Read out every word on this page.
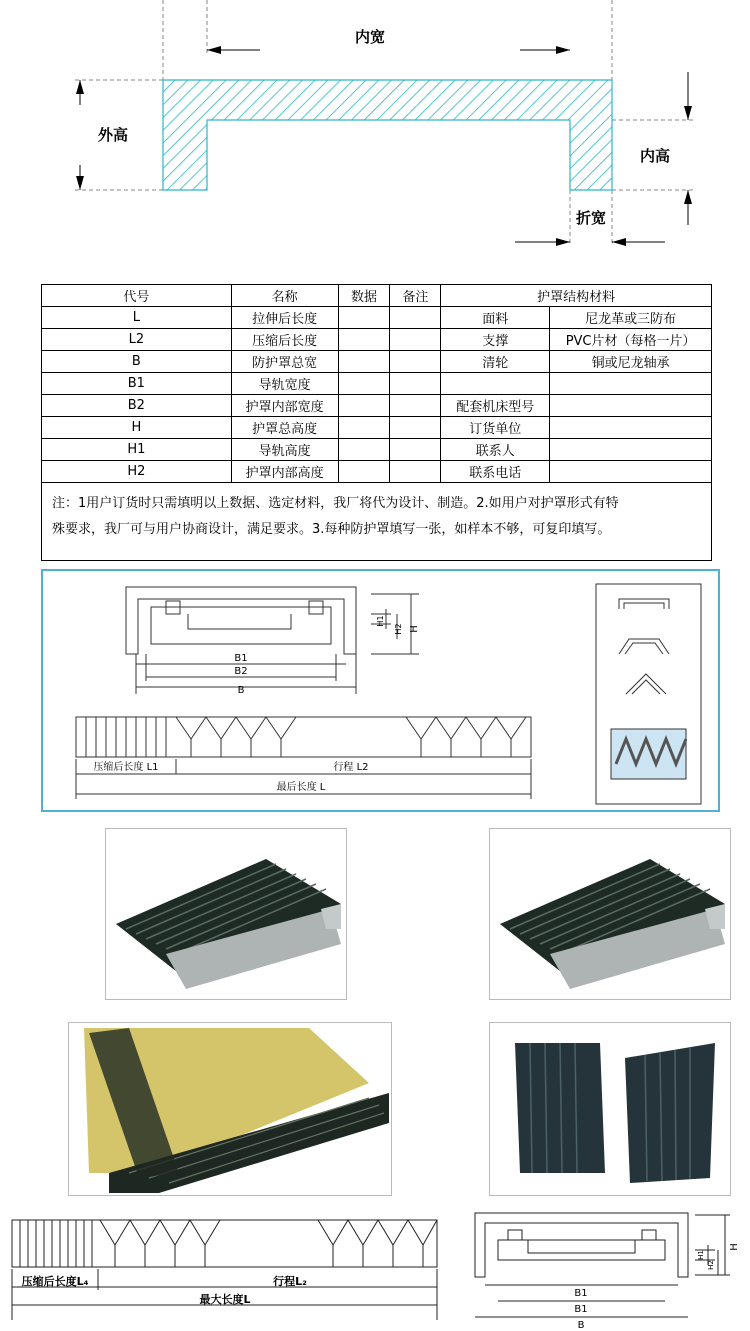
内宽
外高
内高
折宽
代号	名称	数据	备注	护罩结构材料	
L	拉伸后长度			面料	尼龙革或三防布
L2	压缩后长度			支撑	PVC片材（每格一片）
B	防护罩总宽			清轮	铜或尼龙轴承
B1	导轨宽度				
B2	护罩内部宽度			配套机床型号	
H	护罩总高度			订货单位	
H1	导轨高度			联系人	
H2	护罩内部高度			联系电话	
注：1用户订货时只需填明以上数据、选定材料，我厂将代为设计、制造。2.如用户对护罩形式有特
殊要求，我厂可与用户协商设计，满足要求。3.每种防护罩填写一张，如样本不够，可复印填写。
B1
B2
B
H
H1
H2
压缩后长度 L1	行程 L2
最后长度 L
压缩后长度L₄	行程L₂
最大长度L	B1
B1
B
H
H1
H2
